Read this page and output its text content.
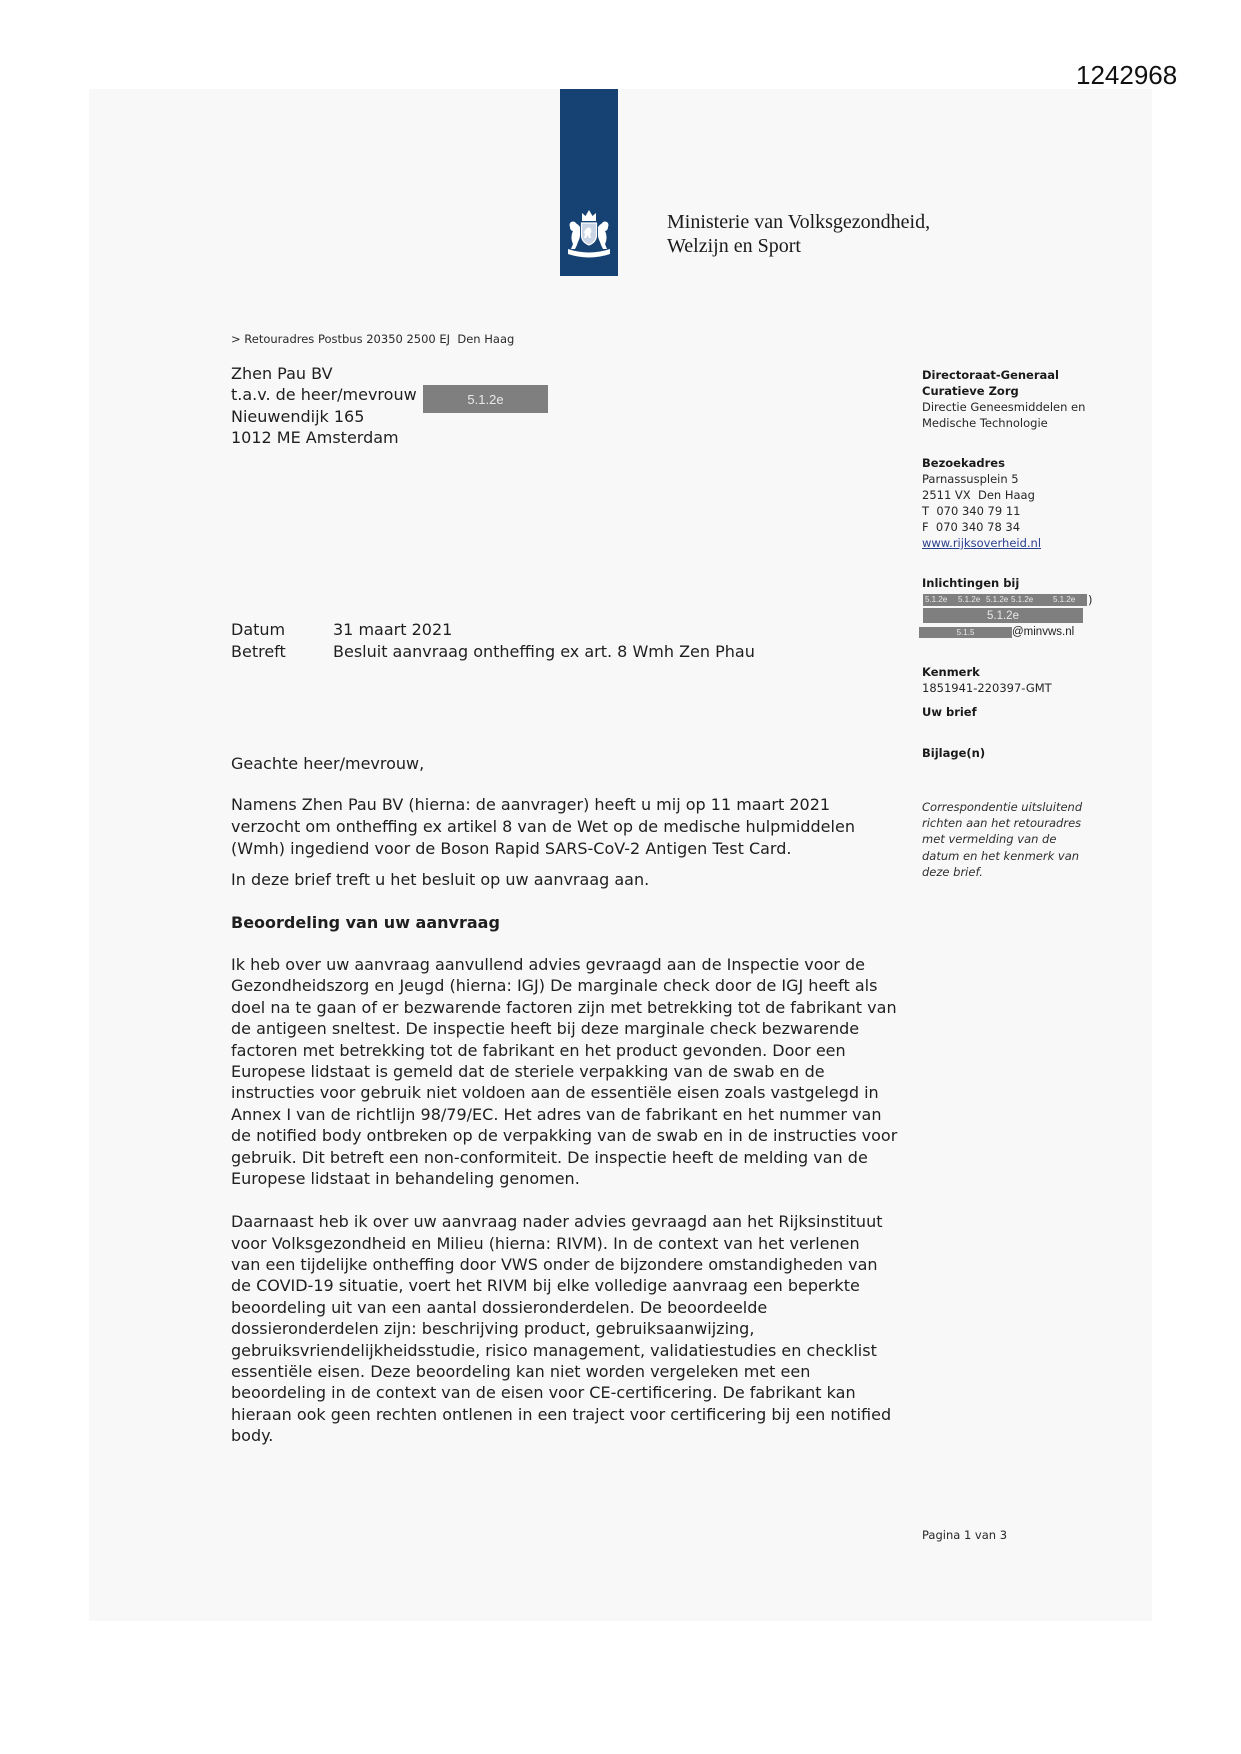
1242968
Ministerie van Volksgezondheid,
Welzijn en Sport
> Retouradres Postbus 20350 2500 EJ  Den Haag
Zhen Pau BV
t.a.v. de heer/mevrouw
Nieuwendijk 165
1012 ME Amsterdam
5.1.2e
Directoraat-Generaal
Curatieve Zorg
Directie Geneesmiddelen en
Medische Technologie
Bezoekadres
Parnassusplein 5
2511 VX  Den Haag
T  070 340 79 11
F  070 340 78 34
www.rijksoverheid.nl
Inlichtingen bij
5.1.2e 5.1.2e 5.1.2e 5.1.2e 5.1.2e )
5.1.2e
5.1.5	@minvws.nl
Kenmerk
1851941-220397-GMT
Uw brief
Bijlage(n)
Correspondentie uitsluitend
richten aan het retouradres
met vermelding van de
datum en het kenmerk van
deze brief.
Pagina 1 van 3
Datum	31 maart 2021
Betreft	Besluit aanvraag ontheffing ex art. 8 Wmh Zen Phau
Geachte heer/mevrouw,
Namens Zhen Pau BV (hierna: de aanvrager) heeft u mij op 11 maart 2021
verzocht om ontheffing ex artikel 8 van de Wet op de medische hulpmiddelen
(Wmh) ingediend voor de Boson Rapid SARS-CoV-2 Antigen Test Card.
In deze brief treft u het besluit op uw aanvraag aan.
Beoordeling van uw aanvraag
Ik heb over uw aanvraag aanvullend advies gevraagd aan de Inspectie voor de
Gezondheidszorg en Jeugd (hierna: IGJ) De marginale check door de IGJ heeft als
doel na te gaan of er bezwarende factoren zijn met betrekking tot de fabrikant van
de antigeen sneltest. De inspectie heeft bij deze marginale check bezwarende
factoren met betrekking tot de fabrikant en het product gevonden. Door een
Europese lidstaat is gemeld dat de steriele verpakking van de swab en de
instructies voor gebruik niet voldoen aan de essentiële eisen zoals vastgelegd in
Annex I van de richtlijn 98/79/EC. Het adres van de fabrikant en het nummer van
de notified body ontbreken op de verpakking van de swab en in de instructies voor
gebruik. Dit betreft een non-conformiteit. De inspectie heeft de melding van de
Europese lidstaat in behandeling genomen.
Daarnaast heb ik over uw aanvraag nader advies gevraagd aan het Rijksinstituut
voor Volksgezondheid en Milieu (hierna: RIVM). In de context van het verlenen
van een tijdelijke ontheffing door VWS onder de bijzondere omstandigheden van
de COVID-19 situatie, voert het RIVM bij elke volledige aanvraag een beperkte
beoordeling uit van een aantal dossieronderdelen. De beoordeelde
dossieronderdelen zijn: beschrijving product, gebruiksaanwijzing,
gebruiksvriendelijkheidsstudie, risico management, validatiestudies en checklist
essentiële eisen. Deze beoordeling kan niet worden vergeleken met een
beoordeling in de context van de eisen voor CE-certificering. De fabrikant kan
hieraan ook geen rechten ontlenen in een traject voor certificering bij een notified
body.
